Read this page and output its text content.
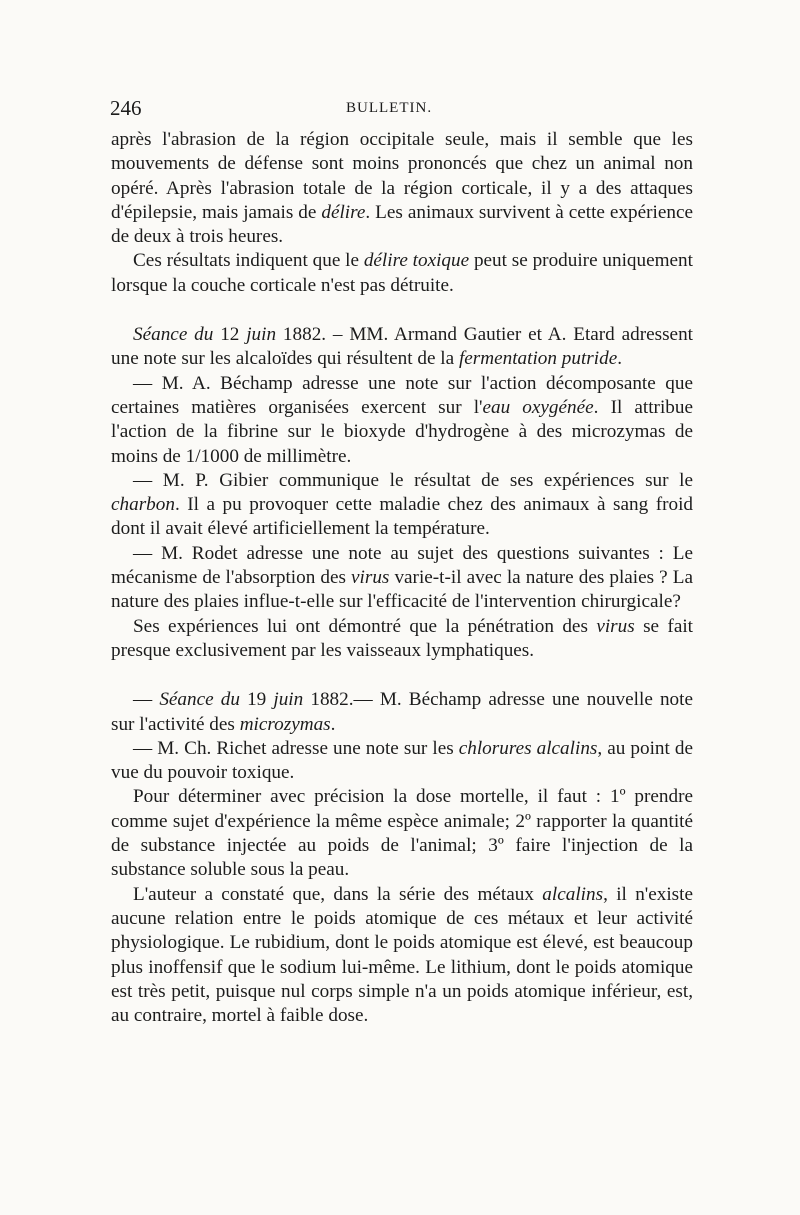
246	BULLETIN.

après l'abrasion de la région occipitale seule, mais il semble que les mouvements de défense sont moins prononcés que chez un animal non opéré. Après l'abrasion totale de la région corticale, il y a des attaques d'épilepsie, mais jamais de délire. Les animaux survivent à cette expérience de deux à trois heures.

Ces résultats indiquent que le délire toxique peut se produire uniquement lorsque la couche corticale n'est pas détruite.

Séance du 12 juin 1882. – MM. Armand Gautier et A. Etard adressent une note sur les alcaloïdes qui résultent de la fermentation putride.

— M. A. Béchamp adresse une note sur l'action décomposante que certaines matières organisées exercent sur l'eau oxygénée. Il attribue l'action de la fibrine sur le bioxyde d'hydrogène à des microzymas de moins de 1/1000 de millimètre.

— M. P. Gibier communique le résultat de ses expériences sur le charbon. Il a pu provoquer cette maladie chez des animaux à sang froid dont il avait élevé artificiellement la température.

— M. Rodet adresse une note au sujet des questions suivantes : Le mécanisme de l'absorption des virus varie-t-il avec la nature des plaies ? La nature des plaies influe-t-elle sur l'efficacité de l'intervention chirurgicale?

Ses expériences lui ont démontré que la pénétration des virus se fait presque exclusivement par les vaisseaux lymphatiques.

— Séance du 19 juin 1882.— M. Béchamp adresse une nouvelle note sur l'activité des microzymas.

— M. Ch. Richet adresse une note sur les chlorures alcalins, au point de vue du pouvoir toxique.

Pour déterminer avec précision la dose mortelle, il faut : 1º prendre comme sujet d'expérience la même espèce animale; 2º rapporter la quantité de substance injectée au poids de l'animal; 3º faire l'injection de la substance soluble sous la peau.

L'auteur a constaté que, dans la série des métaux alcalins, il n'existe aucune relation entre le poids atomique de ces métaux et leur activité physiologique. Le rubidium, dont le poids atomique est élevé, est beaucoup plus inoffensif que le sodium lui-même. Le lithium, dont le poids atomique est très petit, puisque nul corps simple n'a un poids atomique inférieur, est, au contraire, mortel à faible dose.
